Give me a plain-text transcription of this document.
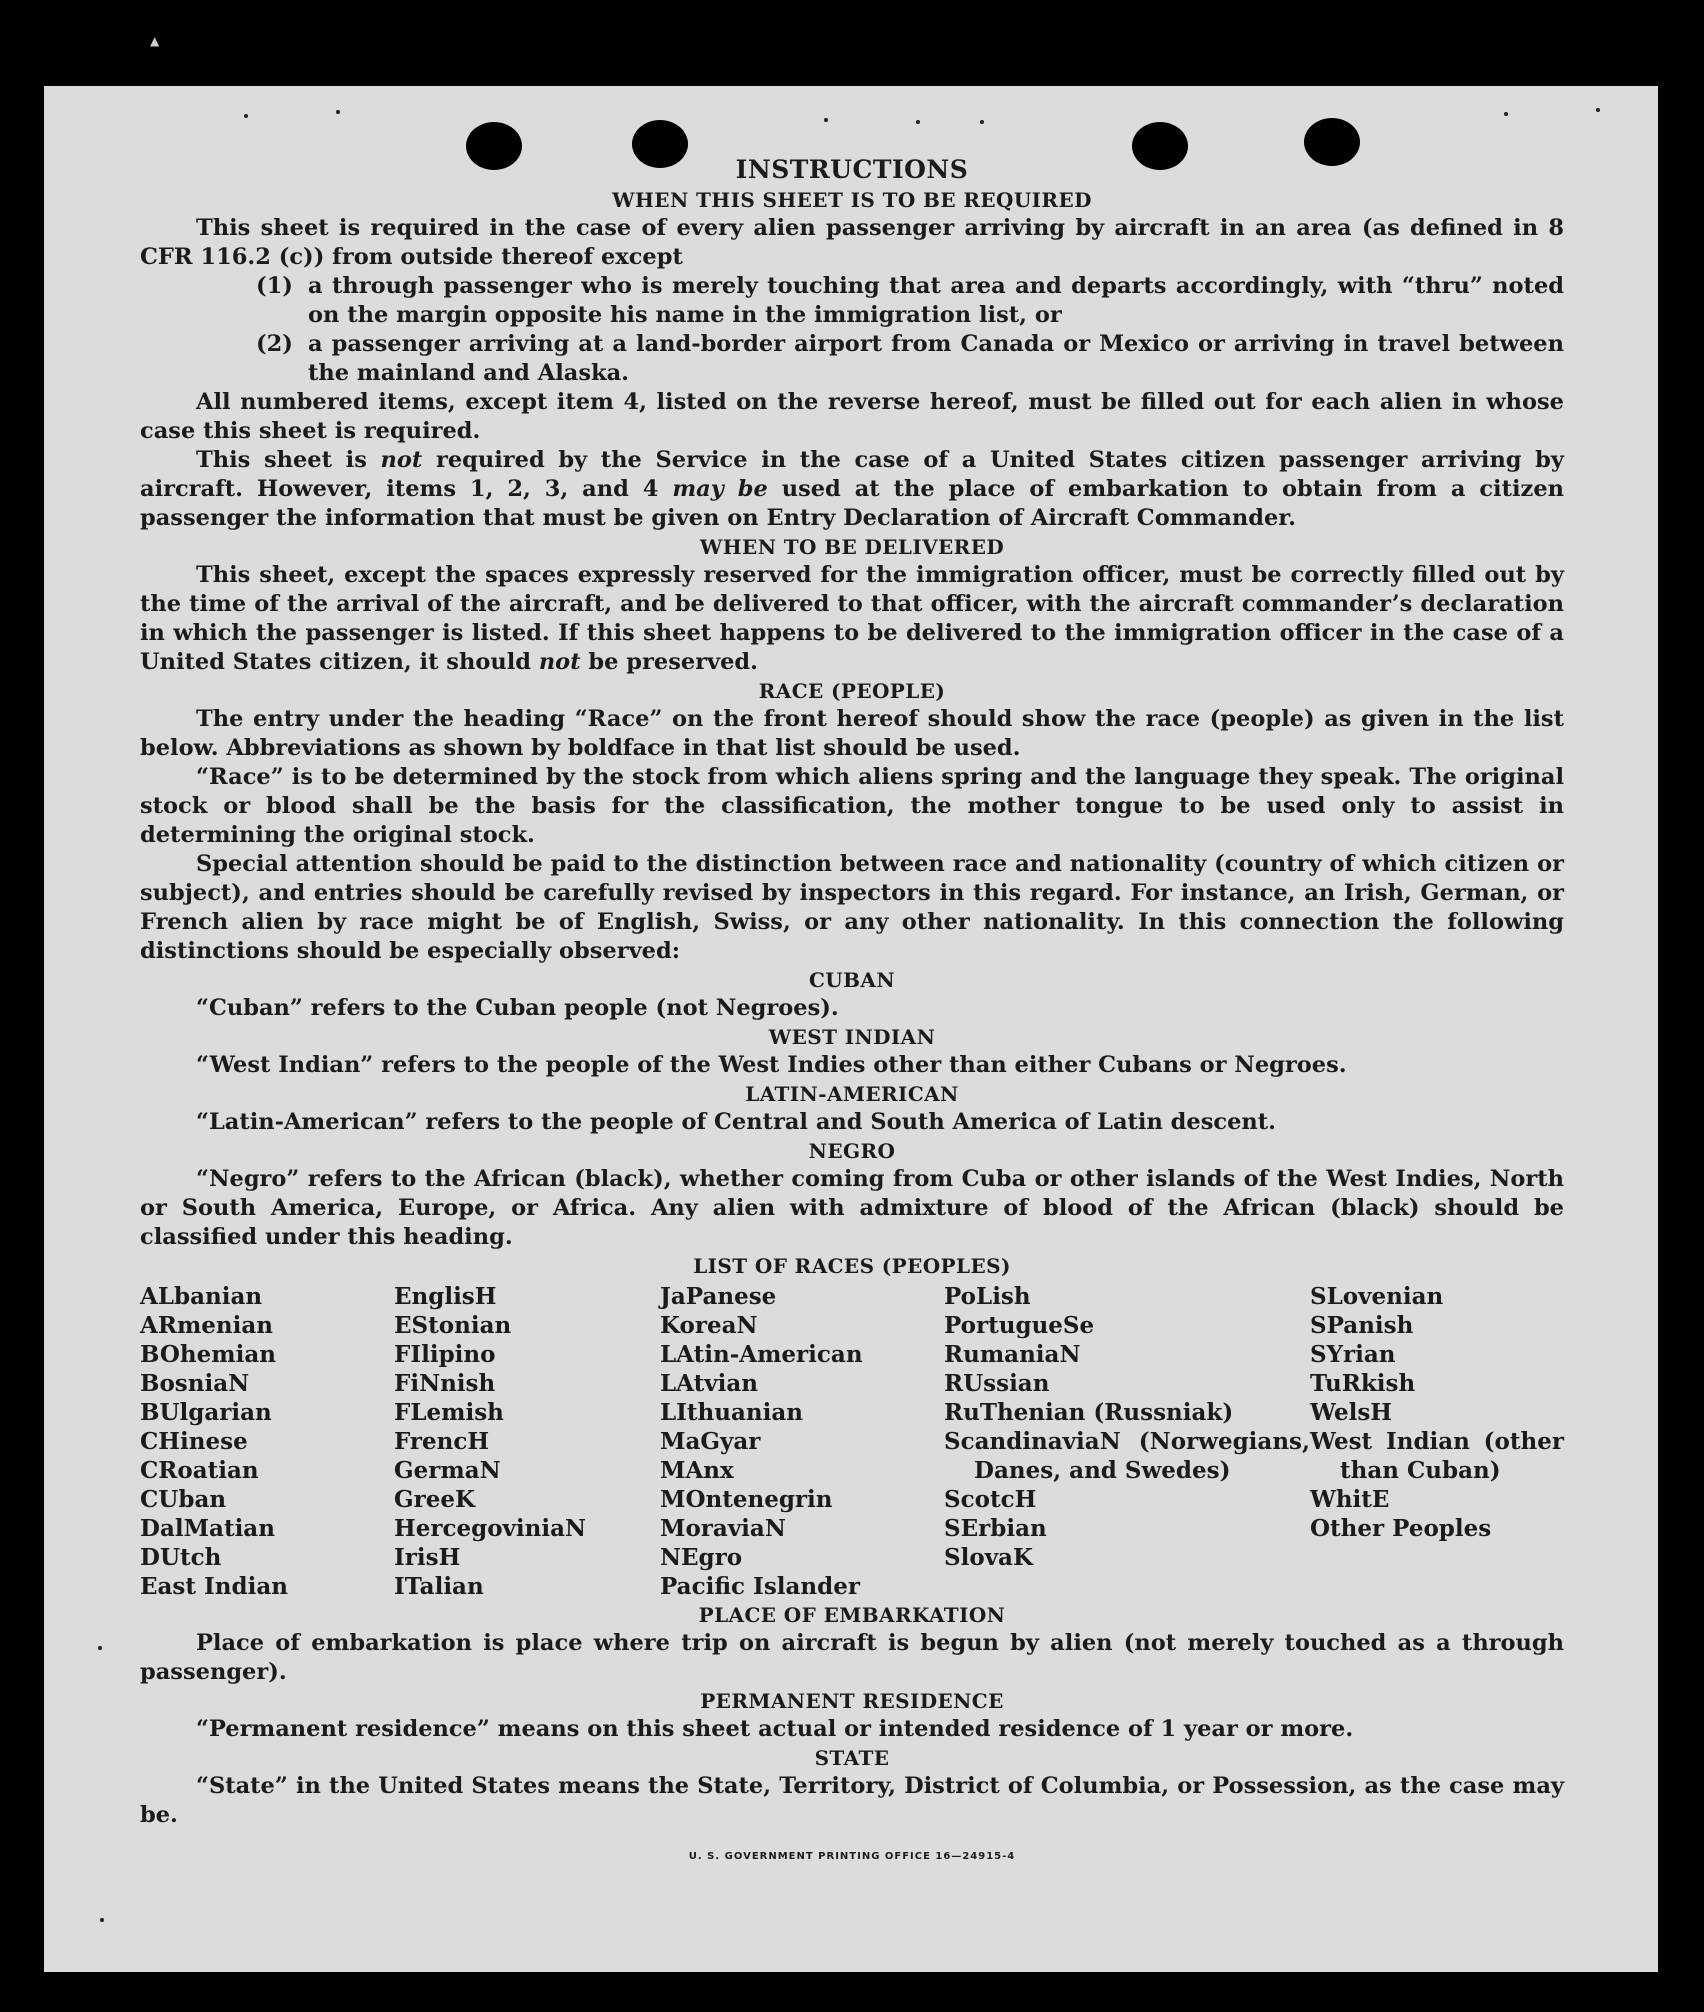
▲
INSTRUCTIONS
WHEN THIS SHEET IS TO BE REQUIRED

This sheet is required in the case of every alien passenger arriving by aircraft in an area (as defined in 8 CFR 116.2 (c)) from outside thereof except

(1) a through passenger who is merely touching that area and departs accordingly, with “thru” noted on the margin opposite his name in the immigration list, or
(2) a passenger arriving at a land-border airport from Canada or Mexico or arriving in travel between the mainland and Alaska.

All numbered items, except item 4, listed on the reverse hereof, must be filled out for each alien in whose case this sheet is required.

This sheet is not required by the Service in the case of a United States citizen passenger arriving by aircraft. However, items 1, 2, 3, and 4 may be used at the place of embarkation to obtain from a citizen passenger the information that must be given on Entry Declaration of Aircraft Commander.

WHEN TO BE DELIVERED

This sheet, except the spaces expressly reserved for the immigration officer, must be correctly filled out by the time of the arrival of the aircraft, and be delivered to that officer, with the aircraft commander’s declaration in which the passenger is listed. If this sheet happens to be delivered to the immigration officer in the case of a United States citizen, it should not be preserved.

RACE (PEOPLE)

The entry under the heading “Race” on the front hereof should show the race (people) as given in the list below. Abbreviations as shown by boldface in that list should be used.

“Race” is to be determined by the stock from which aliens spring and the language they speak. The original stock or blood shall be the basis for the classification, the mother tongue to be used only to assist in determining the original stock.

Special attention should be paid to the distinction between race and nationality (country of which citizen or subject), and entries should be carefully revised by inspectors in this regard. For instance, an Irish, German, or French alien by race might be of English, Swiss, or any other nationality. In this connection the following distinctions should be especially observed:

CUBAN

“Cuban” refers to the Cuban people (not Negroes).

WEST INDIAN

“West Indian” refers to the people of the West Indies other than either Cubans or Negroes.

LATIN-AMERICAN

“Latin-American” refers to the people of Central and South America of Latin descent.

NEGRO

“Negro” refers to the African (black), whether coming from Cuba or other islands of the West Indies, North or South America, Europe, or Africa. Any alien with admixture of blood of the African (black) should be classified under this heading.

LIST OF RACES (PEOPLES)
ALbanian
ARmenian
BOhemian
BosniaN
BUlgarian
CHinese
CRoatian
CUban
DalMatian
DUtch
East Indian
EnglisH
EStonian
FIlipino
FiNnish
FLemish
FrencH
GermaN
GreeK
HercegoviniaN
IrisH
ITalian
JaPanese
KoreaN
LAtin-American
LAtvian
LIthuanian
MaGyar
MAnx
MOntenegrin
MoraviaN
NEgro
Pacific Islander
PoLish
PortugueSe
RumaniaN
RUssian
RuThenian (Russniak)
ScandinaviaN (Norwegians, Danes, and Swedes)
ScotcH
SErbian
SlovaK
SLovenian
SPanish
SYrian
TuRkish
WelsH
West Indian (other than Cuban)
WhitE
Other Peoples
PLACE OF EMBARKATION

Place of embarkation is place where trip on aircraft is begun by alien (not merely touched as a through passenger).

PERMANENT RESIDENCE

“Permanent residence” means on this sheet actual or intended residence of 1 year or more.

STATE

“State” in the United States means the State, Territory, District of Columbia, or Possession, as the case may be.

U. S. GOVERNMENT PRINTING OFFICE 16—24915-4
